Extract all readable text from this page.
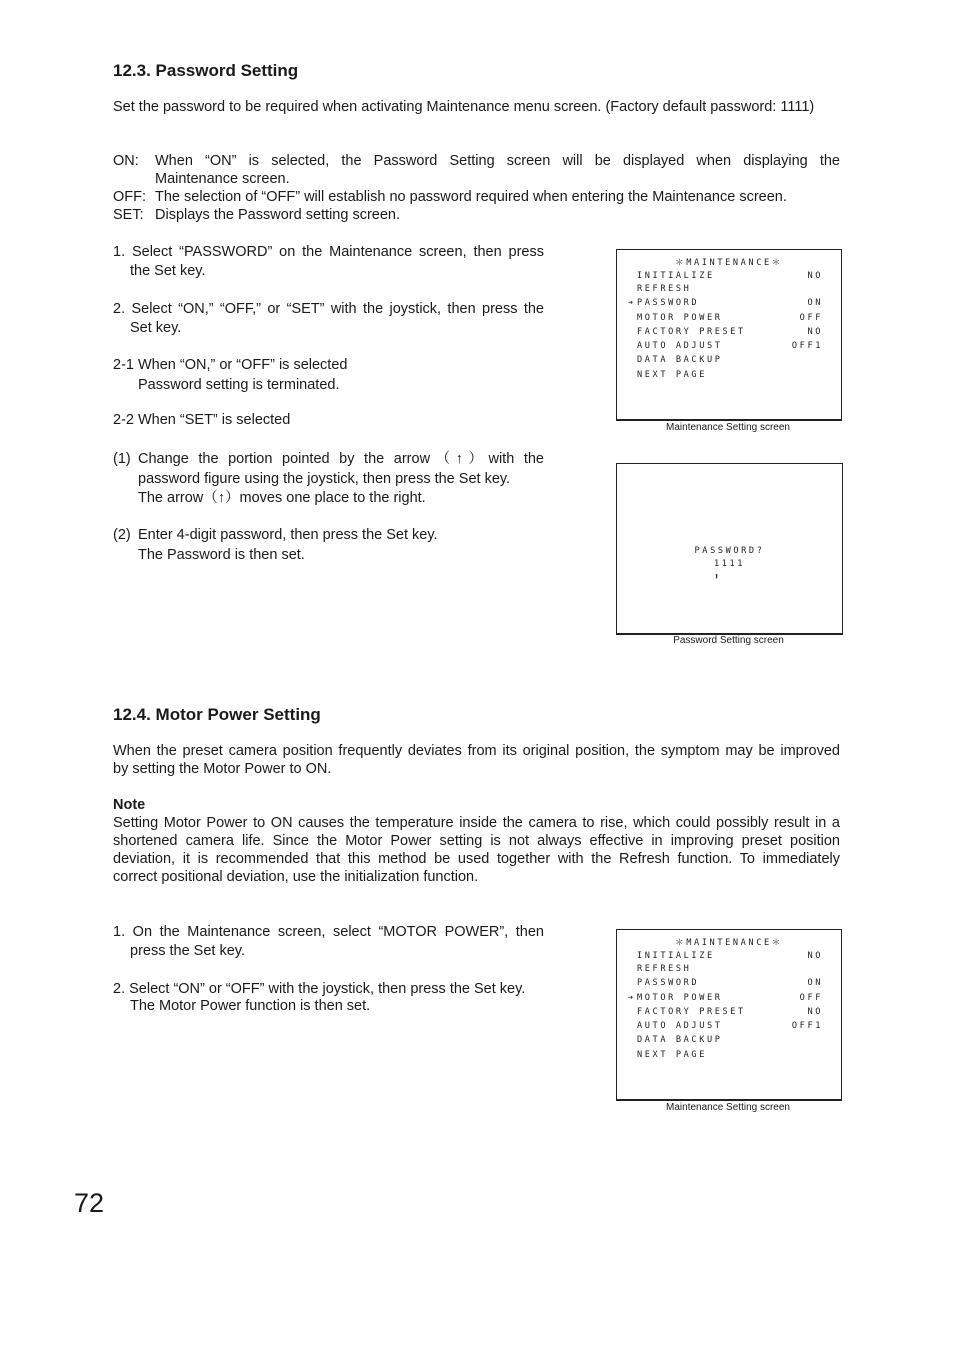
12.3. Password Setting
Set the password to be required when activating Maintenance menu screen. (Factory default password: 1111)
ON: When “ON” is selected, the Password Setting screen will be displayed when displaying the
Maintenance screen.
OFF: The selection of “OFF” will establish no password required when entering the Maintenance screen.
SET: Displays the Password setting screen.
1. Select “PASSWORD” on the Maintenance screen, then press
the Set key.
2. Select “ON,” “OFF,” or “SET” with the joystick, then press the
Set key.
2-1 When “ON,” or “OFF” is selected
Password setting is terminated.
2-2 When “SET” is selected
(1) Change the portion pointed by the arrow（↑）with the
password figure using the joystick, then press the Set key.
The arrow（↑）moves one place to the right.
(2) Enter 4-digit password, then press the Set key.
The Password is then set.
＊MAINTENANCE＊
INITIALIZE	NO
REFRESH
➔ PASSWORD	ON
MOTOR POWER	OFF
FACTORY PRESET	NO
AUTO ADJUST	OFF1
DATA BACKUP
NEXT PAGE
Maintenance Setting screen
PASSWORD?
1111
⬆
Password Setting screen
12.4. Motor Power Setting
When the preset camera position frequently deviates from its original position, the symptom may be improved
by setting the Motor Power to ON.
Note
Setting Motor Power to ON causes the temperature inside the camera to rise, which could possibly result in a
shortened camera life. Since the Motor Power setting is not always effective in improving preset position
deviation, it is recommended that this method be used together with the Refresh function. To immediately
correct positional deviation, use the initialization function.
1. On the Maintenance screen, select “MOTOR POWER”, then
press the Set key.
2. Select “ON” or “OFF” with the joystick, then press the Set key.
The Motor Power function is then set.
＊MAINTENANCE＊
INITIALIZE	NO
REFRESH
PASSWORD	ON
➔ MOTOR POWER	OFF
FACTORY PRESET	NO
AUTO ADJUST	OFF1
DATA BACKUP
NEXT PAGE
Maintenance Setting screen
72
